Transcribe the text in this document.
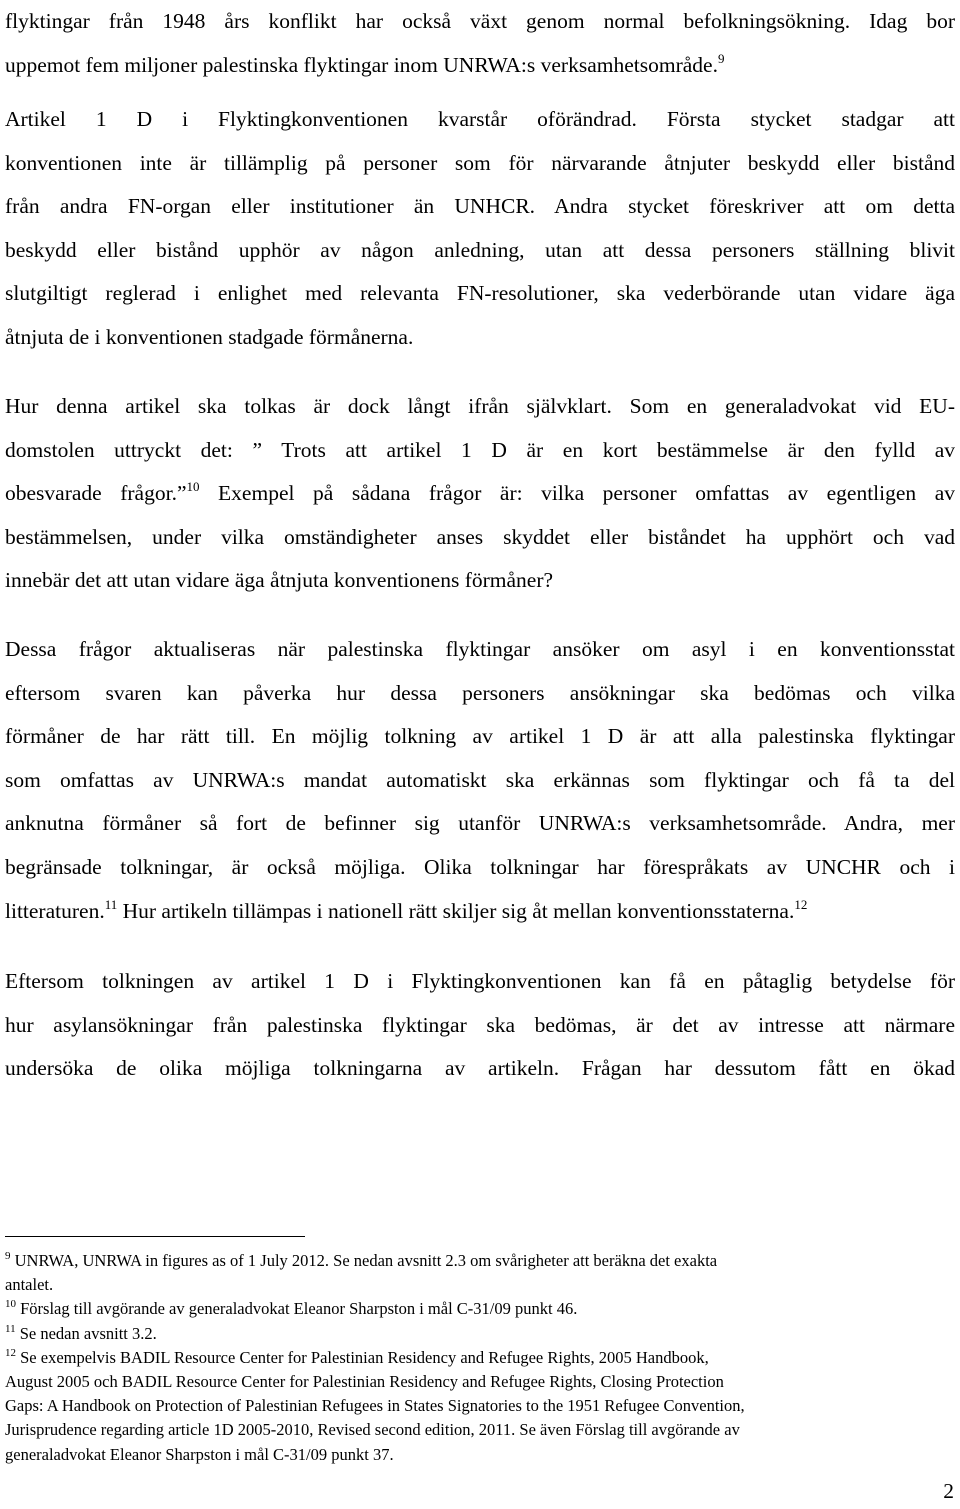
flyktingar från 1948 års konflikt har också växt genom normal befolkningsökning. Idag bor
uppemot fem miljoner palestinska flyktingar inom UNRWA:s verksamhetsområde.$^9$
Artikel 1 D i Flyktingkonventionen kvarstår oförändrad. Första stycket stadgar att
konventionen inte är tillämplig på personer som för närvarande åtnjuter beskydd eller bistånd
från andra FN-organ eller institutioner än UNHCR. Andra stycket föreskriver att om detta
beskydd eller bistånd upphör av någon anledning, utan att dessa personers ställning blivit
slutgiltigt reglerad i enlighet med relevanta FN-resolutioner, ska vederbörande utan vidare äga
åtnjuta de i konventionen stadgade förmånerna.
Hur denna artikel ska tolkas är dock långt ifrån självklart. Som en generaladvokat vid EU-
domstolen uttryckt det: ” Trots att artikel 1 D är en kort bestämmelse är den fylld av
obesvarade frågor.”$^{10}$ Exempel på sådana frågor är: vilka personer omfattas av egentligen av
bestämmelsen, under vilka omständigheter anses skyddet eller biståndet ha upphört och vad
innebär det att utan vidare äga åtnjuta konventionens förmåner?
Dessa frågor aktualiseras när palestinska flyktingar ansöker om asyl i en konventionsstat
eftersom svaren kan påverka hur dessa personers ansökningar ska bedömas och vilka
förmåner de har rätt till. En möjlig tolkning av artikel 1 D är att alla palestinska flyktingar
som omfattas av UNRWA:s mandat automatiskt ska erkännas som flyktingar och få ta del
anknutna förmåner så fort de befinner sig utanför UNRWA:s verksamhetsområde. Andra, mer
begränsade tolkningar, är också möjliga. Olika tolkningar har förespråkats av UNCHR och i
litteraturen.$^{11}$ Hur artikeln tillämpas i nationell rätt skiljer sig åt mellan konventionsstaterna.$^{12}$
Eftersom tolkningen av artikel 1 D i Flyktingkonventionen kan få en påtaglig betydelse för
hur asylansökningar från palestinska flyktingar ska bedömas, är det av intresse att närmare
undersöka de olika möjliga tolkningarna av artikeln. Frågan har dessutom fått en ökad
$^9$ UNRWA, UNRWA in figures as of 1 July 2012. Se nedan avsnitt 2.3 om svårigheter att beräkna det exakta
antalet.
$^{10}$ Förslag till avgörande av generaladvokat Eleanor Sharpston i mål C-31/09 punkt 46.
$^{11}$ Se nedan avsnitt 3.2.
$^{12}$ Se exempelvis BADIL Resource Center for Palestinian Residency and Refugee Rights, 2005 Handbook,
August 2005 och BADIL Resource Center for Palestinian Residency and Refugee Rights, Closing Protection
Gaps: A Handbook on Protection of Palestinian Refugees in States Signatories to the 1951 Refugee Convention,
Jurisprudence regarding article 1D 2005-2010, Revised second edition, 2011. Se även Förslag till avgörande av
generaladvokat Eleanor Sharpston i mål C-31/09 punkt 37.
2
